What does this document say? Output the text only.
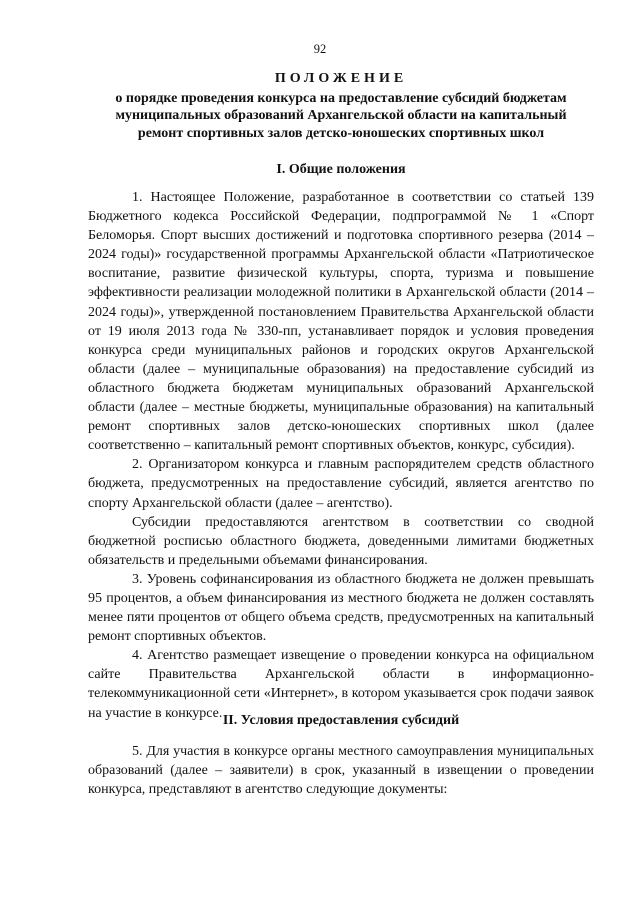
92
ПОЛОЖЕНИЕ
о порядке проведения конкурса на предоставление субсидий бюджетам
муниципальных образований Архангельской области на капитальный
ремонт спортивных залов детско-юношеских спортивных школ
I. Общие положения

1. Настоящее Положение, разработанное в соответствии со статьей 139 Бюджетного кодекса Российской Федерации, подпрограммой № 1 «Спорт Беломорья. Спорт высших достижений и подготовка спортивного резерва (2014 – 2024 годы)» государственной программы Архангельской области «Патриотическое воспитание, развитие физической культуры, спорта, туризма и повышение эффективности реализации молодежной политики в Архангельской области (2014 – 2024 годы)», утвержденной постановлением Правительства Архангельской области от 19 июля 2013 года № 330-пп, устанавливает порядок и условия проведения конкурса среди муниципальных районов и городских округов Архангельской области (далее – муниципальные образования) на предоставление субсидий из областного бюджета бюджетам муниципальных образований Архангельской области (далее – местные бюджеты, муниципальные образования) на капитальный ремонт спортивных залов детско-юношеских спортивных школ (далее соответственно – капитальный ремонт спортивных объектов, конкурс, субсидия).

2. Организатором конкурса и главным распорядителем средств областного бюджета, предусмотренных на предоставление субсидий, является агентство по спорту Архангельской области (далее – агентство).

Субсидии предоставляются агентством в соответствии со сводной бюджетной росписью областного бюджета, доведенными лимитами бюджетных обязательств и предельными объемами финансирования.

3. Уровень софинансирования из областного бюджета не должен превышать 95 процентов, а объем финансирования из местного бюджета не должен составлять менее пяти процентов от общего объема средств, предусмотренных на капитальный ремонт спортивных объектов.

4. Агентство размещает извещение о проведении конкурса на официальном сайте Правительства Архангельской области в информационно-телекоммуникационной сети «Интернет», в котором указывается срок подачи заявок на участие в конкурсе. II. Условия предоставления субсидий

5. Для участия в конкурсе органы местного самоуправления муниципальных образований (далее – заявители) в срок, указанный в извещении о проведении конкурса, представляют в агентство следующие документы:
